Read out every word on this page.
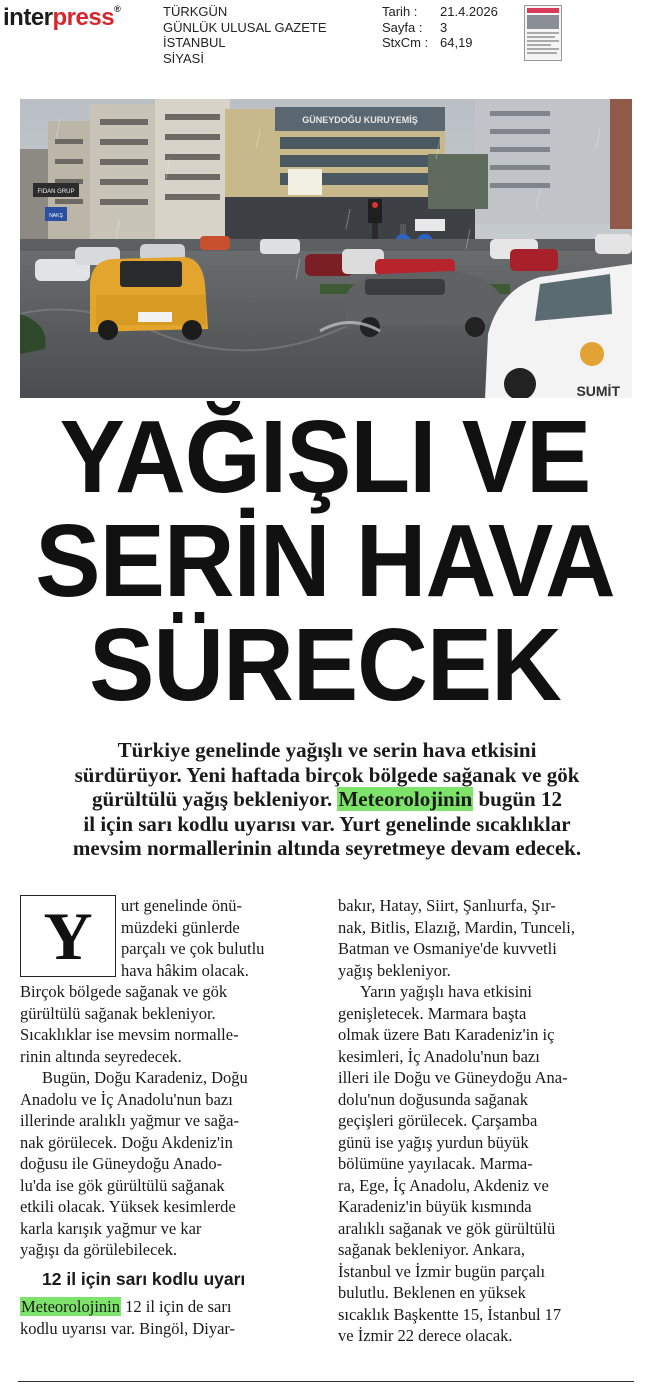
interpress®	TÜRKGÜN
GÜNLÜK ULUSAL GAZETE
İSTANBUL
SİYASİ
Tarih :	21.4.2026
Sayfa :	3
StxCm : 64,19
GÜNEYDOĞU KURUYEMİŞ
FIDAN GRUP
NAKŞ
SUMİT
YAĞIŞLI VE
SERİN HAVA
SÜRECEK
Türkiye genelinde yağışlı ve serin hava etkisini
sürdürüyor. Yeni haftada birçok bölgede sağanak ve gök
gürültülü yağış bekleniyor. Meteorolojinin bugün 12
il için sarı kodlu uyarısı var. Yurt genelinde sıcaklıklar
mevsim normallerinin altında seyretmeye devam edecek.
Y	urt genelinde önü-
müzdeki günlerde
parçalı ve çok bulutlu
hava hâkim olacak.
Birçok bölgede sağanak ve gök
gürültülü sağanak bekleniyor.
Sıcaklıklar ise mevsim normalle-
rinin altında seyredecek.
Bugün, Doğu Karadeniz, Doğu
Anadolu ve İç Anadolu'nun bazı
illerinde aralıklı yağmur ve sağa-
nak görülecek. Doğu Akdeniz'in
doğusu ile Güneydoğu Anado-
lu'da ise gök gürültülü sağanak
etkili olacak. Yüksek kesimlerde
karla karışık yağmur ve kar
yağışı da görülebilecek.
12 il için sarı kodlu uyarı
Meteorolojinin 12 il için de sarı
kodlu uyarısı var. Bingöl, Diyar-
bakır, Hatay, Siirt, Şanlıurfa, Şır-
nak, Bitlis, Elazığ, Mardin, Tunceli,
Batman ve Osmaniye'de kuvvetli
yağış bekleniyor.
Yarın yağışlı hava etkisini
genişletecek. Marmara başta
olmak üzere Batı Karadeniz'in iç
kesimleri, İç Anadolu'nun bazı
illeri ile Doğu ve Güneydoğu Ana-
dolu'nun doğusunda sağanak
geçişleri görülecek. Çarşamba
günü ise yağış yurdun büyük
bölümüne yayılacak. Marma-
ra, Ege, İç Anadolu, Akdeniz ve
Karadeniz'in büyük kısmında
aralıklı sağanak ve gök gürültülü
sağanak bekleniyor. Ankara,
İstanbul ve İzmir bugün parçalı
bulutlu. Beklenen en yüksek
sıcaklık Başkentte 15, İstanbul 17
ve İzmir 22 derece olacak.
